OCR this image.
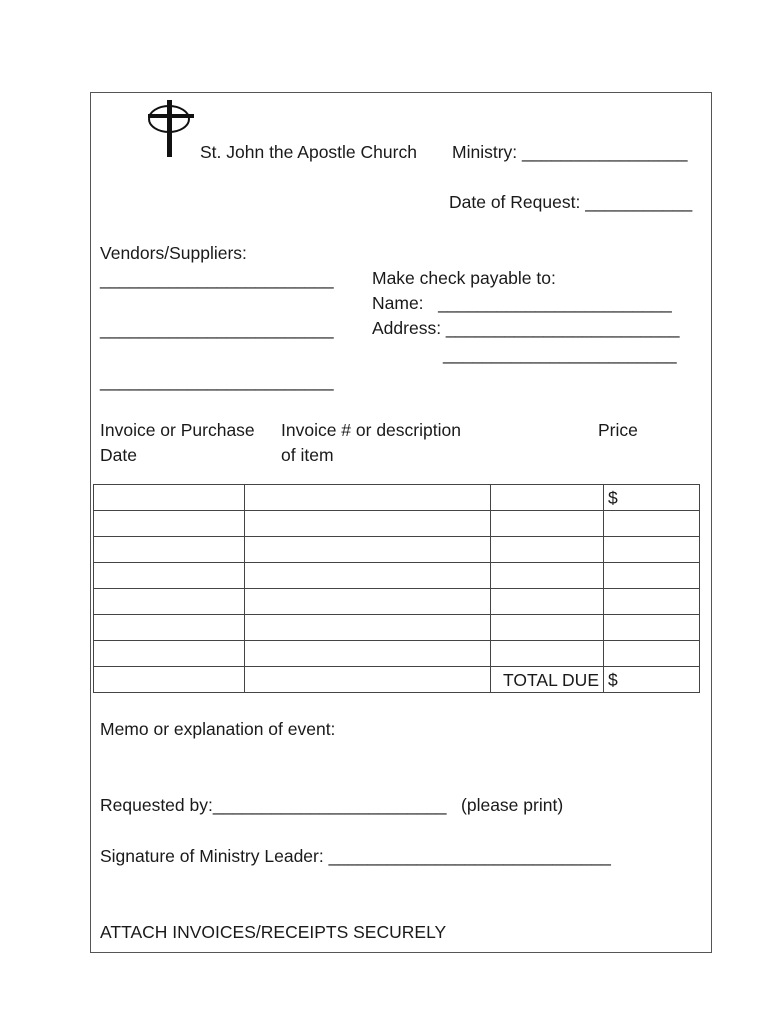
St. John the Apostle Church Ministry: _________________
Date of Request: ___________
Vendors/Suppliers:
________________________
________________________
________________________
Make check payable to:
Name:   ________________________
Address: ________________________
________________________
Invoice or Purchase
Date
Invoice # or description
of item
Price
			$

		TOTAL DUE	$
Memo or explanation of event:
Requested by:________________________   (please print)
Signature of Ministry Leader: _____________________________
ATTACH INVOICES/RECEIPTS SECURELY
